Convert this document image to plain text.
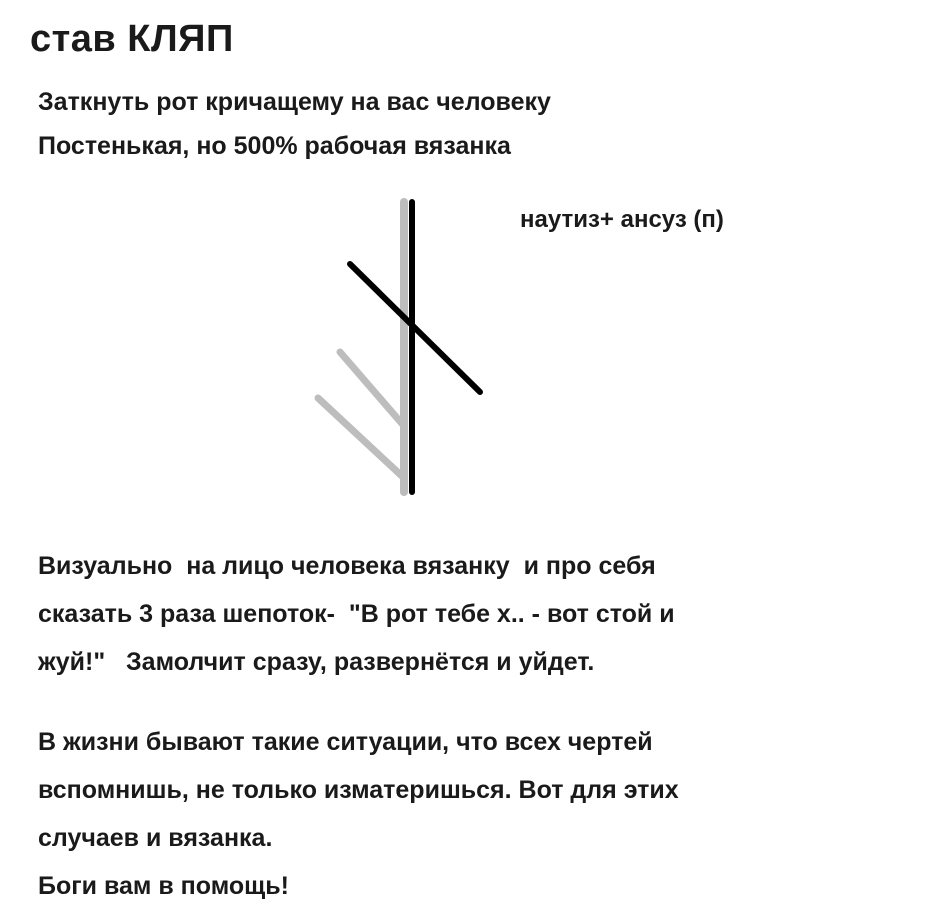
став КЛЯП
Заткнуть рот кричащему на вас человеку
Постенькая, но 500% рабочая вязанка
наутиз+ ансуз (п)
Визуально  на лицо человека вязанку  и про себя
сказать 3 раза шепоток-  "В рот тебе х.. - вот стой и
жуй!"   Замолчит сразу, развернётся и уйдет.
В жизни бывают такие ситуации, что всех чертей
вспомнишь, не только изматеришься. Вот для этих
случаев и вязанка.
Боги вам в помощь!
